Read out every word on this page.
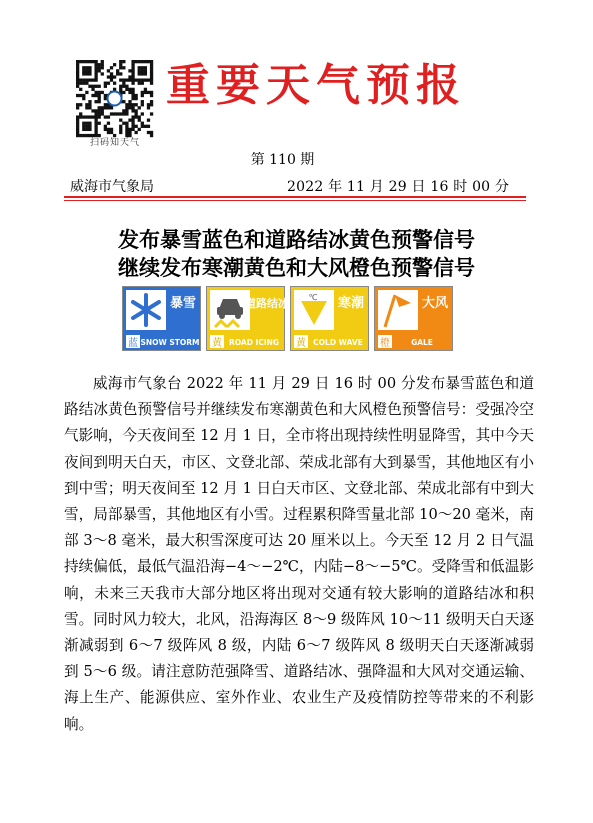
扫码知天气
重要天气预报
第 110 期
威海市气象局	2022 年 11 月 29 日 16 时 00 分
发布暴雪蓝色和道路结冰黄色预警信号
继续发布寒潮黄色和大风橙色预警信号
暴雪
蓝 SNOW STORM
道路结冰
黄 ROAD ICING
℃ 寒潮
黄 COLD WAVE
大风
橙	GALE

威海市气象台 2022 年 11 月 29 日 16 时 00 分发布暴雪蓝色和道路结冰黄色预警信号并继续发布寒潮黄色和大风橙色预警信号：受强冷空气影响，今天夜间至 12 月 1 日，全市将出现持续性明显降雪，其中今天夜间到明天白天，市区、文登北部、荣成北部有大到暴雪，其他地区有小到中雪；明天夜间至 12 月 1 日白天市区、文登北部、荣成北部有中到大雪，局部暴雪，其他地区有小雪。过程累积降雪量北部 10～20 毫米，南部 3～8 毫米，最大积雪深度可达 20 厘米以上。今天至 12 月 2 日气温持续偏低，最低气温沿海−4～−2℃，内陆−8～−5℃。受降雪和低温影响，未来三天我市大部分地区将出现对交通有较大影响的道路结冰和积雪。同时风力较大，北风，沿海海区 8～9 级阵风 10～11 级明天白天逐渐减弱到 6～7 级阵风 8 级，内陆 6～7 级阵风 8 级明天白天逐渐减弱到 5～6 级。请注意防范强降雪、道路结冰、强降温和大风对交通运输、海上生产、能源供应、室外作业、农业生产及疫情防控等带来的不利影响。
